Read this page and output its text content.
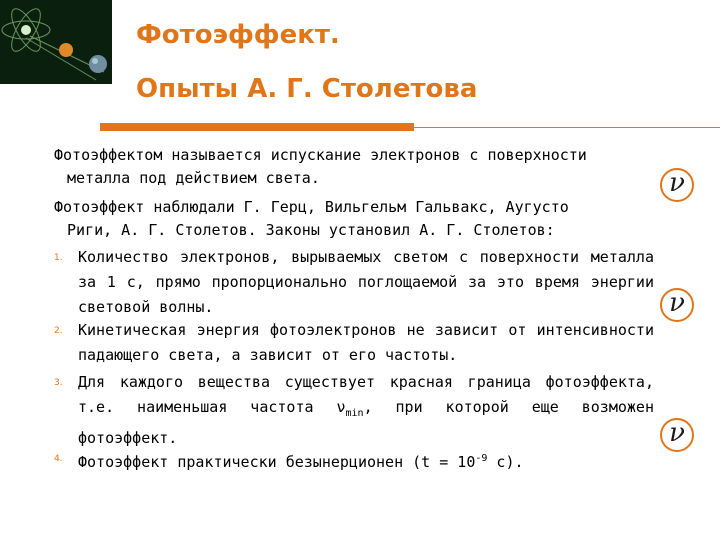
Фотоэффект.
Опыты А. Г. Столетова

Фотоэффектом называется испускание электронов с поверхности
металла под действием света.

Фотоэффект наблюдали Г. Герц, Вильгельм Гальвакс, Аугусто
Риги, А. Г. Столетов. Законы установил А. Г. Столетов:

1.	Количество электронов, вырываемых светом с поверхности металла за 1 с, прямо пропорционально поглощаемой за это время энергии световой волны.
2.	Кинетическая энергия фотоэлектронов не зависит от интенсивности падающего света, а зависит от его частоты.
3.	Для каждого вещества существует красная граница фотоэффекта, т.е. наименьшая частота $\nu_{min}$, при которой еще возможен фотоэффект.
4.	Фотоэффект практически безынерционен ($t = 10^{-9}$ с).
ν
ν
ν
